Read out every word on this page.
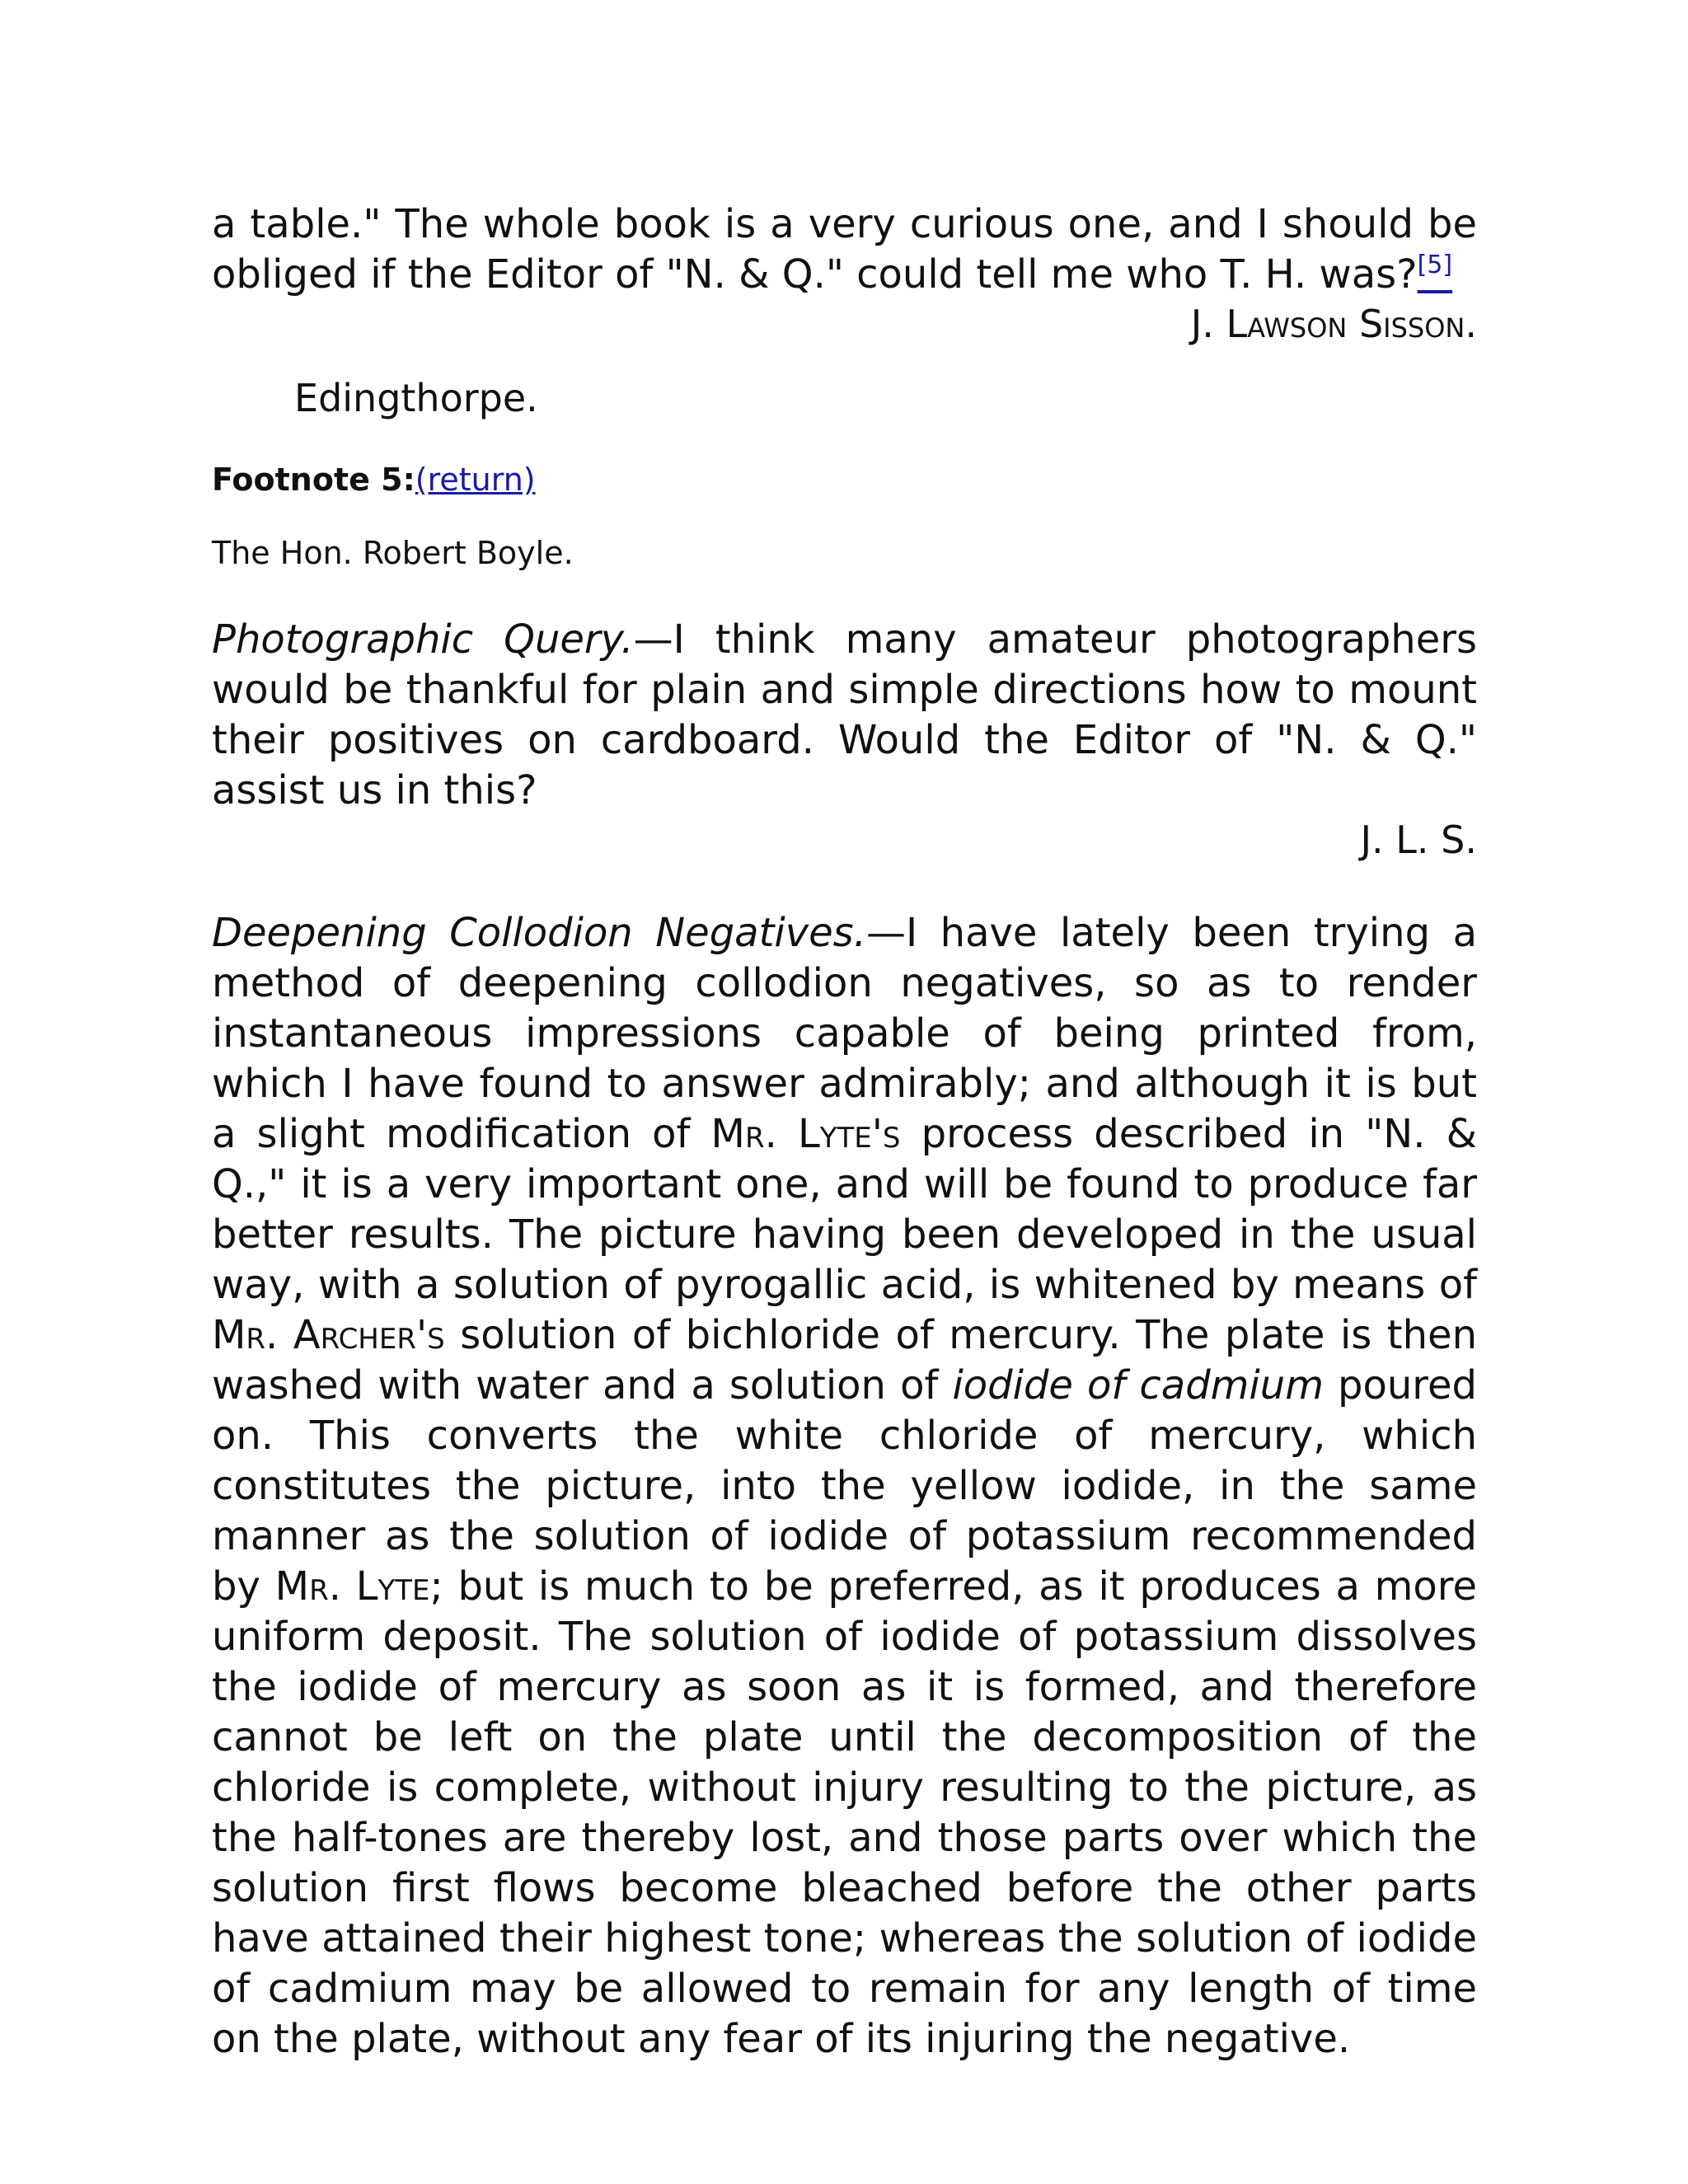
a table." The whole book is a very curious one, and I should be obliged if the Editor of "N. & Q." could tell me who T. H. was?[5]

J. Lawson Sisson.

Edingthorpe.

Footnote 5:(return)

The Hon. Robert Boyle.

Photographic Query.—I think many amateur photographers would be thankful for plain and simple directions how to mount their positives on cardboard. Would the Editor of "N. & Q." assist us in this?

J. L. S.

Deepening Collodion Negatives.—I have lately been trying a method of deepening collodion negatives, so as to render instantaneous impressions capable of being printed from, which I have found to answer admirably; and although it is but a slight modification of Mr. Lyte's process described in "N. & Q.," it is a very important one, and will be found to produce far better results. The picture having been developed in the usual way, with a solution of pyrogallic acid, is whitened by means of Mr. Archer's solution of bichloride of mercury. The plate is then washed with water and a solution of iodide of cadmium poured on. This converts the white chloride of mercury, which constitutes the picture, into the yellow iodide, in the same manner as the solution of iodide of potassium recommended by Mr. Lyte; but is much to be preferred, as it produces a more uniform deposit. The solution of iodide of potassium dissolves the iodide of mercury as soon as it is formed, and therefore cannot be left on the plate until the decomposition of the chloride is complete, without injury resulting to the picture, as the half-tones are thereby lost, and those parts over which the solution first flows become bleached before the other parts have attained their highest tone; whereas the solution of iodide of cadmium may be allowed to remain for any length of time on the plate, without any fear of its injuring the negative.
